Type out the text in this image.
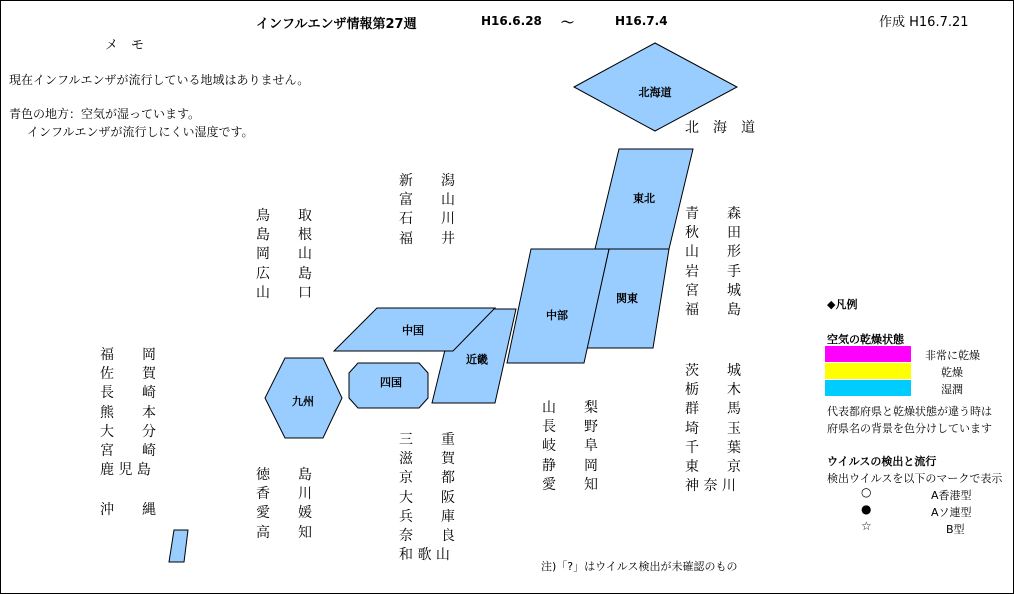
インフルエンザ情報第27週	H16.6.28 ～	H16.7.4	作成 H16.7.21
メ　モ
現在インフルエンザが流行している地域はありません。
青色の地方：空気が湿っています。
インフルエンザが流行しにくい湿度です。
北海道
東北
関東
中部
近畿
中国
四国
九州
北　海　道
青　　森
秋　　田
山　　形
岩　　手
宮　　城
福　　島
茨　　城
栃　　木
群　　馬
埼　　玉
千　　葉
東　　京
神 奈 川
新　　潟
富　　山
石　　川
福　　井
山　　梨
長　　野
岐　　阜
静　　岡
愛　　知
鳥　　取
島　　根
岡　　山
広　　島
山　　口
三　　重
滋　　賀
京　　都
大　　阪
兵　　庫
奈　　良
和 歌 山
徳　　島
香　　川
愛　　媛
高　　知
福　　岡
佐　　賀
長　　崎
熊　　本
大　　分
宮　　崎
鹿 児 島
沖　　縄
◆凡例
空気の乾燥状態
非常に乾燥
乾燥
湿潤
代表都府県と乾燥状態が違う時は
府県名の背景を色分けしています
ウイルスの検出と流行
検出ウイルスを以下のマークで表示
○	A香港型
●	Aソ連型
☆	B型
注)「?」はウイルス検出が未確認のもの
